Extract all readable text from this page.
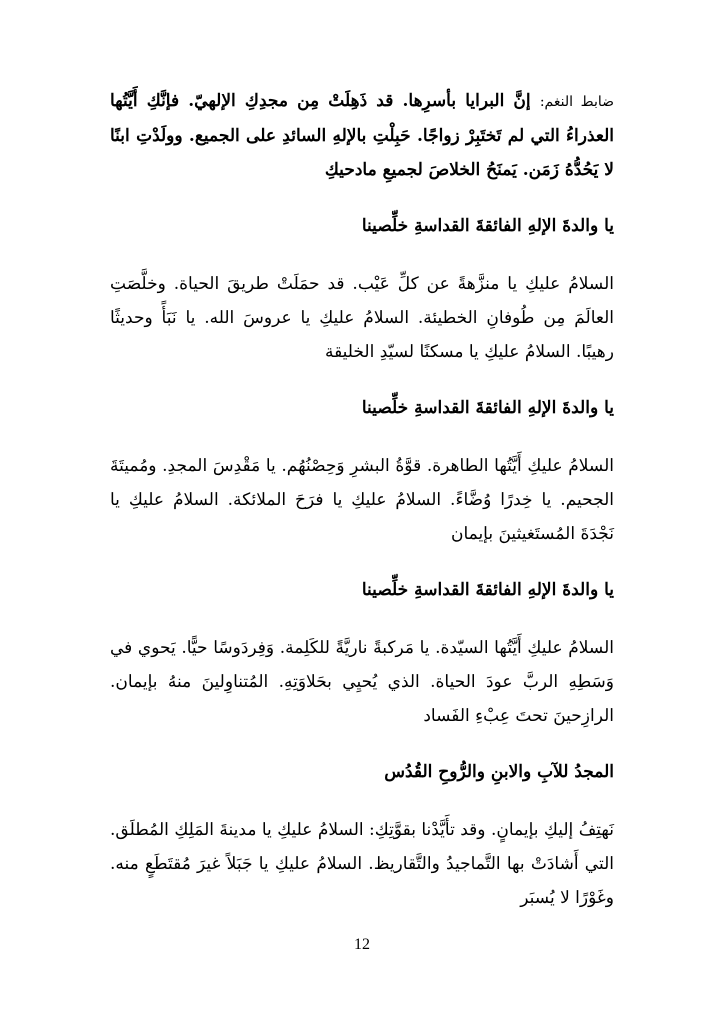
ضابط النغم: إنَّ البرايا بأسرِها. قد ذَهِلَتْ مِن مجدِكِ الإلهيّ. فإنَّكِ أَيَّتُها العذراءُ التي لم تَختَبِرْ زواجًا. حَبِلْتِ بالإلهِ السائدِ على الجميع. وولَدْتِ ابنًا لا يَحُدُّهُ زَمَن. يَمنَحُ الخلاصَ لجميعِ مادحيكِ

يا والدةَ الإلهِ الفائقةَ القداسةِ خلِّصينا

السلامُ عليكِ يا منزَّهةً عن كلِّ عَيْب. قد حمَلَتْ طريقَ الحياة. وخلَّصَتِ العالَمَ مِن طُوفانِ الخطيئة. السلامُ عليكِ يا عروسَ الله. يا نَبَأً وحديثًا رهيبًا. السلامُ عليكِ يا مسكنًا لسيّدِ الخليقة

يا والدةَ الإلهِ الفائقةَ القداسةِ خلِّصينا

السلامُ عليكِ أَيَّتُها الطاهرة. قوَّةُ البشرِ وَحِصْنُهُم. يا مَقْدِسَ المجدِ. ومُميتَةَ الجحيم. يا خِدرًا وُضَّاءً. السلامُ عليكِ يا فرَحَ الملائكة. السلامُ عليكِ يا نَجْدَةَ المُستَغيثينَ بإيمان

يا والدةَ الإلهِ الفائقةَ القداسةِ خلِّصينا

السلامُ عليكِ أَيَّتُها السيّدة. يا مَركبةً ناريَّةً للكَلِمة. وَفِردَوسًا حيًّا. يَحوي في وَسَطِهِ الربَّ عودَ الحياة. الذي يُحيِي بحَلاوَتِهِ. المُتناوِلينَ منهُ بإيمان. الرازِحينَ تحتَ عِبْءِ الفَساد

المجدُ للآبِ والابنِ والرُّوحِ القُدُس

نَهتِفُ إليكِ بإيمانٍ. وقد تأَيَّدْنا بقوَّتِكِ: السلامُ عليكِ يا مدينةَ المَلِكِ المُطلَق. التي أَشادَتْ بها التَّماجيدُ والتَّقاريظ. السلامُ عليكِ يا جَبَلاً غيرَ مُقتَطَعٍ منه. وغَوْرًا لا يُسبَر

12
